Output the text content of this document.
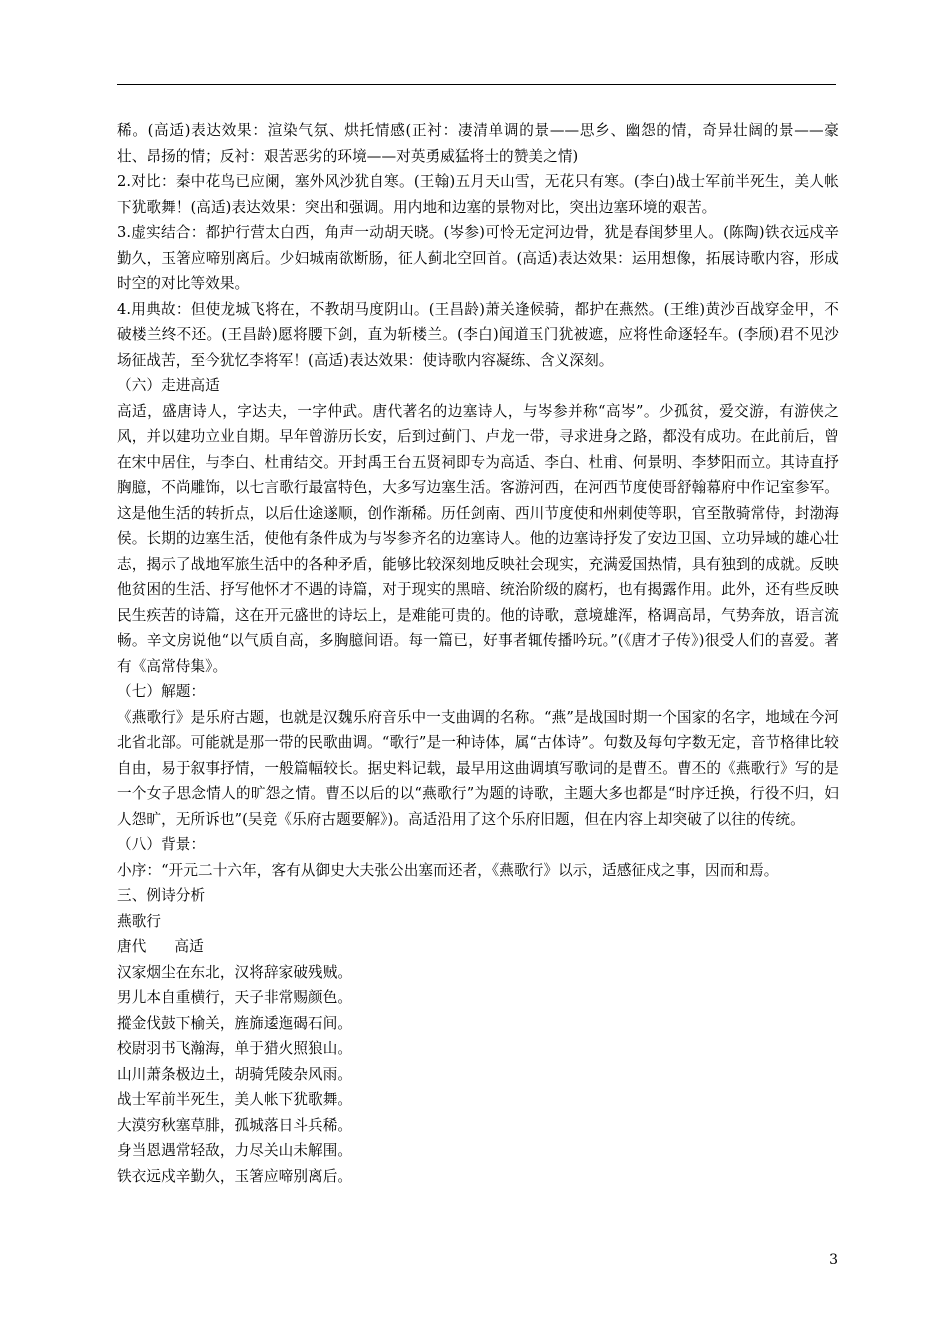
稀。(高适)表达效果：渲染气氛、烘托情感(正衬：凄清单调的景——思乡、幽怨的情，奇异壮阔的景——豪壮、昂扬的情；反衬：艰苦恶劣的环境——对英勇威猛将士的赞美之情)

2.对比：秦中花鸟已应阑，塞外风沙犹自寒。(王翰)五月天山雪，无花只有寒。(李白)战士军前半死生，美人帐下犹歌舞！(高适)表达效果：突出和强调。用内地和边塞的景物对比，突出边塞环境的艰苦。

3.虚实结合：都护行营太白西，角声一动胡天晓。(岑参)可怜无定河边骨，犹是春闺梦里人。(陈陶)铁衣远戍辛勤久，玉箸应啼别离后。少妇城南欲断肠，征人蓟北空回首。(高适)表达效果：运用想像，拓展诗歌内容，形成时空的对比等效果。

4.用典故：但使龙城飞将在，不教胡马度阴山。(王昌龄)萧关逢候骑，都护在燕然。(王维)黄沙百战穿金甲，不破楼兰终不还。(王昌龄)愿将腰下剑，直为斩楼兰。(李白)闻道玉门犹被遮，应将性命逐轻车。(李颀)君不见沙场征战苦，至今犹忆李将军！(高适)表达效果：使诗歌内容凝练、含义深刻。

（六）走进高适

高适，盛唐诗人，字达夫，一字仲武。唐代著名的边塞诗人，与岑参并称“高岑”。少孤贫，爱交游，有游侠之风，并以建功立业自期。早年曾游历长安，后到过蓟门、卢龙一带，寻求进身之路，都没有成功。在此前后，曾在宋中居住，与李白、杜甫结交。开封禹王台五贤祠即专为高适、李白、杜甫、何景明、李梦阳而立。其诗直抒胸臆，不尚雕饰，以七言歌行最富特色，大多写边塞生活。客游河西，在河西节度使哥舒翰幕府中作记室参军。这是他生活的转折点，以后仕途遂顺，创作渐稀。历任剑南、西川节度使和州刺使等职，官至散骑常侍，封渤海侯。长期的边塞生活，使他有条件成为与岑参齐名的边塞诗人。他的边塞诗抒发了安边卫国、立功异域的雄心壮志，揭示了战地军旅生活中的各种矛盾，能够比较深刻地反映社会现实，充满爱国热情，具有独到的成就。反映他贫困的生活、抒写他怀才不遇的诗篇，对于现实的黑暗、统治阶级的腐朽，也有揭露作用。此外，还有些反映民生疾苦的诗篇，这在开元盛世的诗坛上，是难能可贵的。他的诗歌，意境雄浑，格调高昂，气势奔放，语言流畅。辛文房说他“以气质自高，多胸臆间语。每一篇已，好事者辄传播吟玩。”(《唐才子传》)很受人们的喜爱。著有《高常侍集》。

（七）解题：

《燕歌行》是乐府古题，也就是汉魏乐府音乐中一支曲调的名称。“燕”是战国时期一个国家的名字，地域在今河北省北部。可能就是那一带的民歌曲调。“歌行”是一种诗体，属“古体诗”。句数及每句字数无定，音节格律比较自由，易于叙事抒情，一般篇幅较长。据史料记载，最早用这曲调填写歌词的是曹丕。曹丕的《燕歌行》写的是一个女子思念情人的旷怨之情。曹丕以后的以“燕歌行”为题的诗歌，主题大多也都是“时序迁换，行役不归，妇人怨旷，无所诉也”(吴竞《乐府古题要解》)。高适沿用了这个乐府旧题，但在内容上却突破了以往的传统。

（八）背景：

小序：“开元二十六年，客有从御史大夫张公出塞而还者，《燕歌行》以示，适感征戍之事，因而和焉。

三、例诗分析

燕歌行

唐代 高适

汉家烟尘在东北，汉将辞家破残贼。

男儿本自重横行，天子非常赐颜色。

摐金伐鼓下榆关，旌旆逶迤碣石间。

校尉羽书飞瀚海，单于猎火照狼山。

山川萧条极边土，胡骑凭陵杂风雨。

战士军前半死生，美人帐下犹歌舞。

大漠穷秋塞草腓，孤城落日斗兵稀。

身当恩遇常轻敌，力尽关山未解围。

铁衣远戍辛勤久，玉箸应啼别离后。

3
